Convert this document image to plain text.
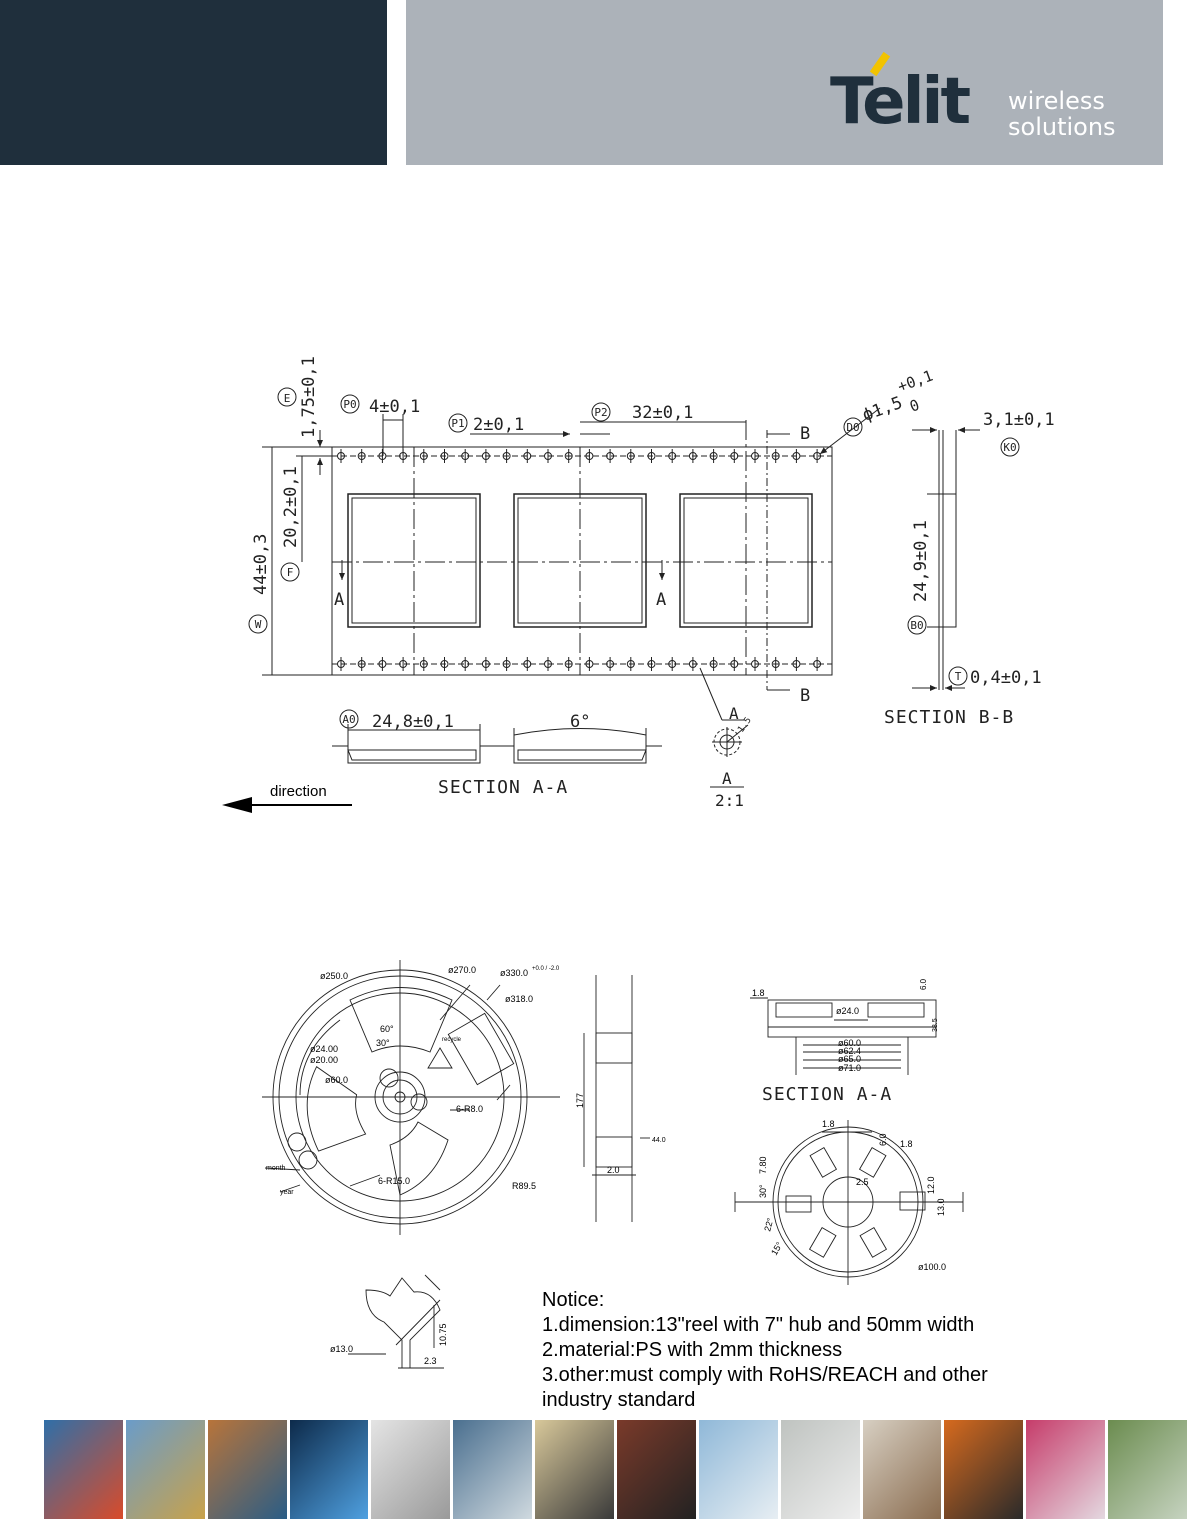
Telit wireless
solutions
E 1,75±0,1 P0 4±0,1
P1 2±0,1
P2 32±0,1
D0
ϕ1,5
+0,1
0
B
B
A	A
W
44±0,3 F
20,2±0,1
3,1±0,1
K0
24,9±0,1
B0
T 0,4±0,1
SECTION B-B
A0 24,8±0,1	6°
SECTION A-A
A
1.5
A
2:1
direction
ø250.0
ø270.0	ø330.0 +0.0 / -2.0
ø318.0
60°
30°
ø24.00
ø20.00
ø60.0
6-R8.0
6-R15.0	R89.5
month
year
recycle
177
2.0
44.0
1.8
ø24.0
ø60.0
ø62.4
ø65.0
ø71.0
6.0
38.5
SECTION A-A
1.8
6.0 1.8
2.5
7.80
30°
22°
15°
12.0
13.0
ø100.0
ø13.0
10.75
2.3
Notice:
1.dimension:13"reel with 7" hub and 50mm width
2.material:PS with 2mm thickness
3.other:must comply with RoHS/REACH and other
industry standard
